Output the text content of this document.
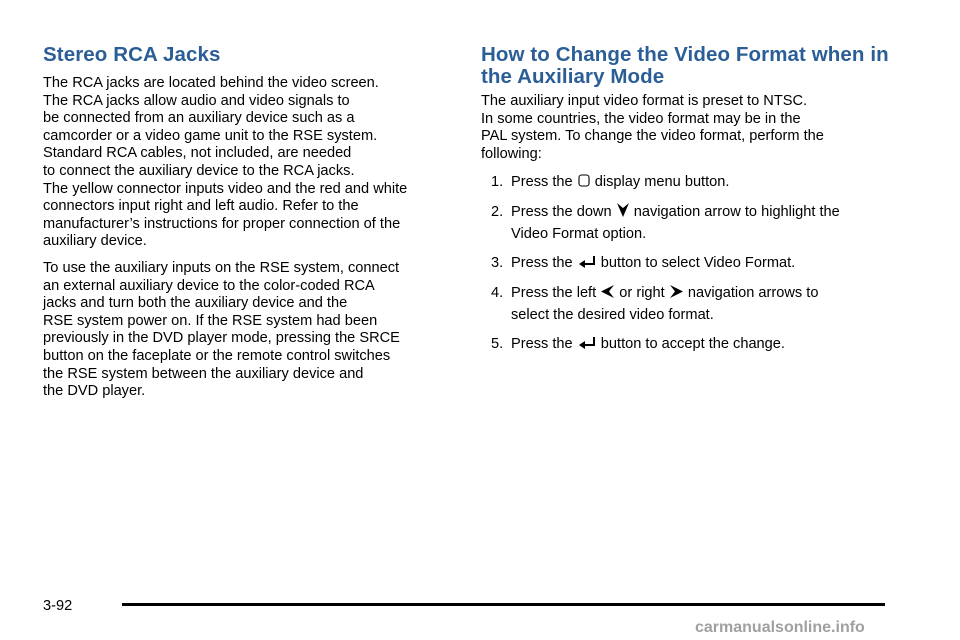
Stereo RCA Jacks
The RCA jacks are located behind the video screen.
The RCA jacks allow audio and video signals to
be connected from an auxiliary device such as a
camcorder or a video game unit to the RSE system.
Standard RCA cables, not included, are needed
to connect the auxiliary device to the RCA jacks.
The yellow connector inputs video and the red and white
connectors input right and left audio. Refer to the
manufacturer’s instructions for proper connection of the
auxiliary device.
To use the auxiliary inputs on the RSE system, connect
an external auxiliary device to the color-coded RCA
jacks and turn both the auxiliary device and the
RSE system power on. If the RSE system had been
previously in the DVD player mode, pressing the SRCE
button on the faceplate or the remote control switches
the RSE system between the auxiliary device and
the DVD player.
How to Change the Video Format when in
the Auxiliary Mode
The auxiliary input video format is preset to NTSC.
In some countries, the video format may be in the
PAL system. To change the video format, perform the
following:
1. Press the display menu button.
2. Press the down navigation arrow to highlight the
Video Format option.
3. Press the button to select Video Format.
4. Press the left or right navigation arrows to
select the desired video format.
5. Press the button to accept the change.
3-92
carmanualsonline.info
